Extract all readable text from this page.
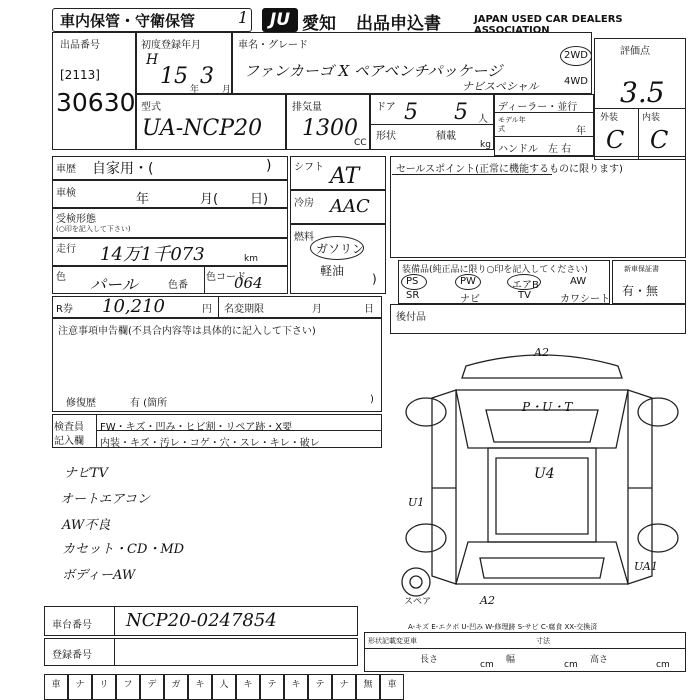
車内保管・守衛保管	1	JU 愛知 出品申込書	JAPAN USED CAR DEALERS ASSOCIATION
出品番号
[2113]
30630
初度登録年月
H
15
年
3
月
車名・グレード
ファンカーゴ X ペアベンチパッケージ
ナビスペシャル
2WD
4WD
評価点
3.5
外装	内装
C C
型式
UA-NCP20
排気量
1300
CC
ドア 5 5 人
形状	積載
kg
ディーラー・並行
モデル年式	年
ハンドル 左 右
車歴 自家用・(	)
車検	年	月( 日)
受検形態
(○印を記入して下さい)
走行 14万1千073	km
色 パール	色番
色コード
064
R券 10,210	円 名変期限	月	日
シフト AT
冷房 AAC
燃料
ガソリン
軽油
)
セールスポイント(正常に機能するものに限ります)
装備品(純正品に限り○印を記入してください)
PS	PW	エアB	AW
SR	ナビ	TV	カワシート
新車保証書
有・無
後付品
注意事項申告欄(不具合内容等は具体的に記入して下さい)
修復歴	有 (箇所	)
検査員
記入欄
FW・キズ・凹み・ヒビ割・リペア跡・X要
内装・キズ・汚レ・コゲ・穴・スレ・キレ・破レ
ナビTV
オートエアコン
AW不良
カセット・CD・MD
ボディーAW
スペア
A2
P・U・T
U4
U1
A2
UA1
A-キズ E-エクボ U-凹み W-修理跡 S-サビ C-腐食 XX-交換済
車台番号 NCP20-0247854
登録番号
形状記載変更車	寸法
長さ	cm 幅	cm 高さ	cm
車	ナ	リ	フ	デ	ガ	キ	人	キ	テ	キ	テ	ナ	無	車
